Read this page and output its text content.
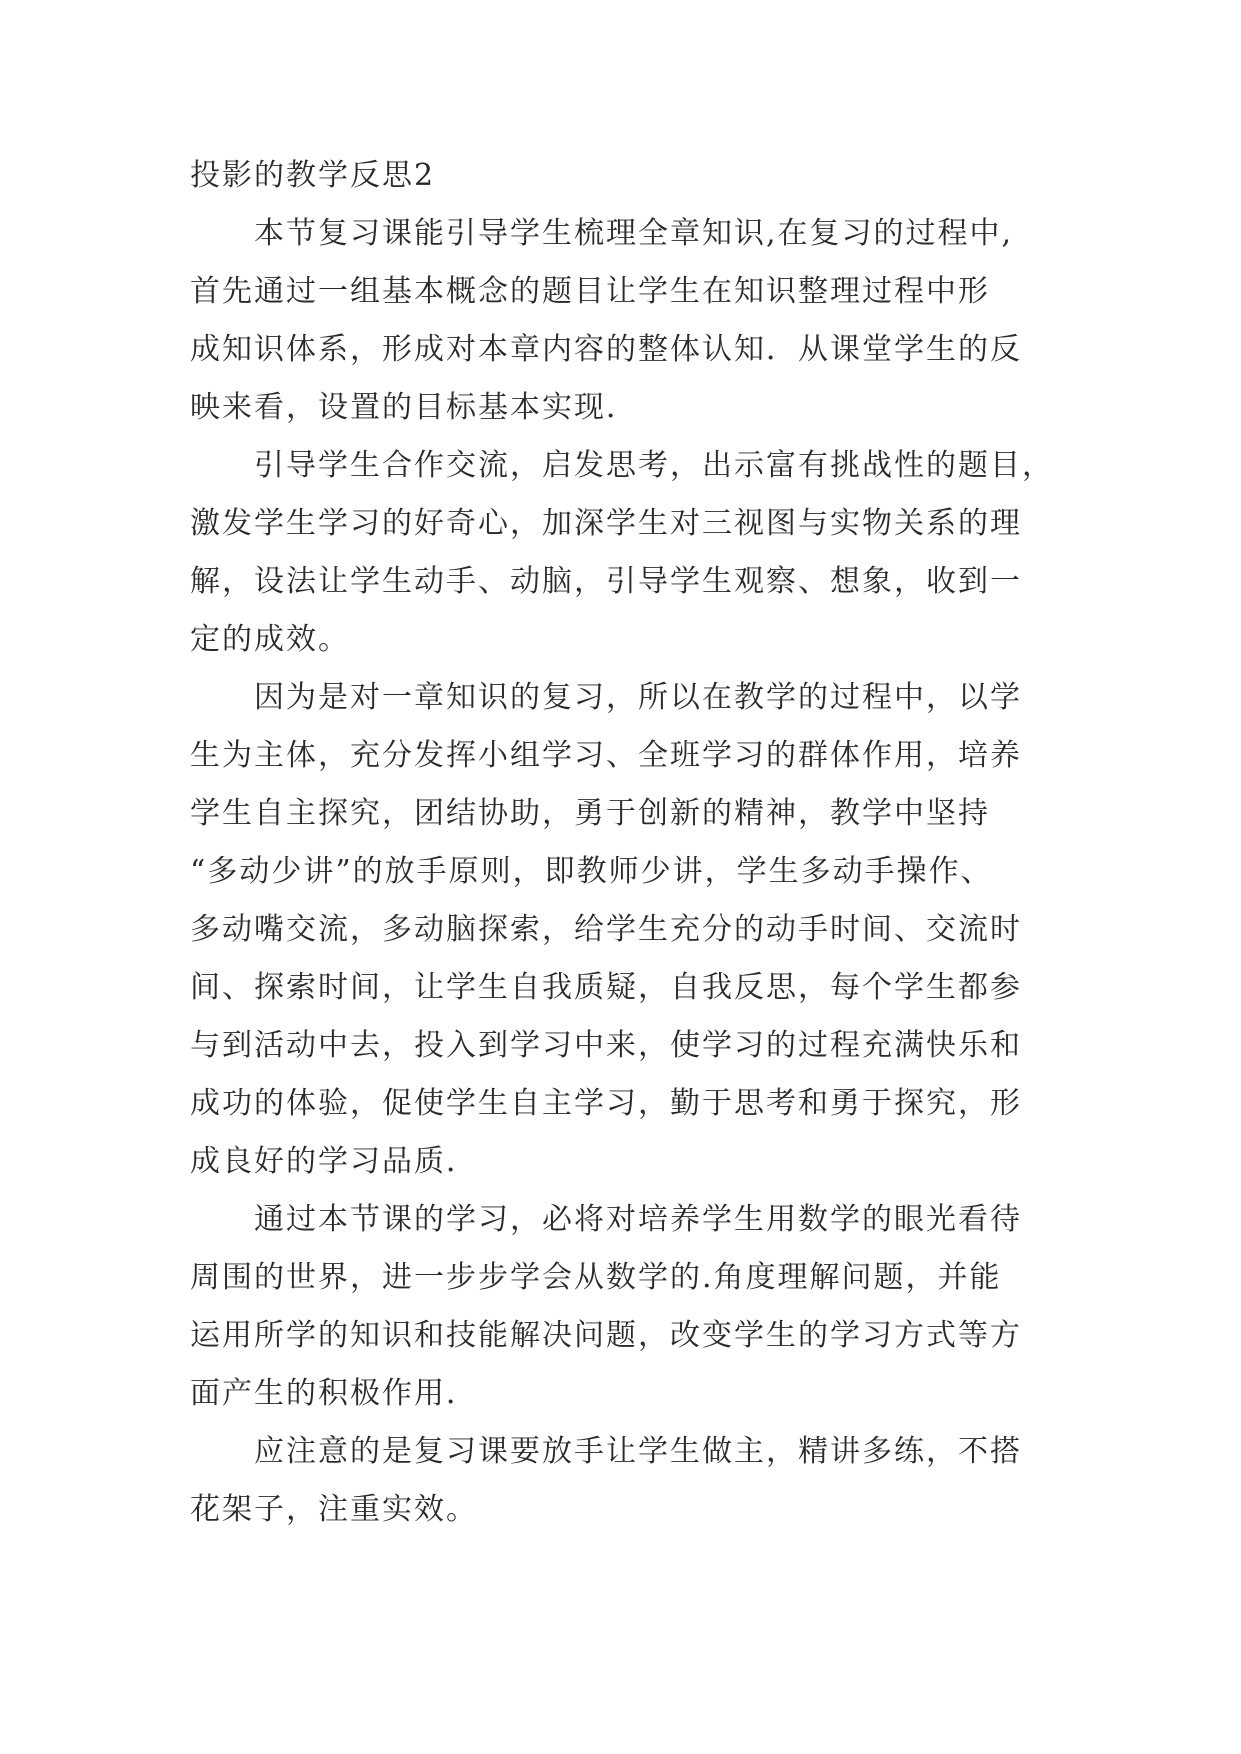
投影的教学反思2

本节复习课能引导学生梳理全章知识,在复习的过程中,

首先通过一组基本概念的题目让学生在知识整理过程中形

成知识体系，形成对本章内容的整体认知．从课堂学生的反

映来看，设置的目标基本实现．

引导学生合作交流，启发思考，出示富有挑战性的题目，

激发学生学习的好奇心，加深学生对三视图与实物关系的理

解，设法让学生动手、动脑，引导学生观察、想象，收到一

定的成效。

因为是对一章知识的复习，所以在教学的过程中，以学

生为主体，充分发挥小组学习、全班学习的群体作用，培养

学生自主探究，团结协助，勇于创新的精神，教学中坚持

“多动少讲”的放手原则，即教师少讲，学生多动手操作、

多动嘴交流，多动脑探索，给学生充分的动手时间、交流时

间、探索时间，让学生自我质疑，自我反思，每个学生都参

与到活动中去，投入到学习中来，使学习的过程充满快乐和

成功的体验，促使学生自主学习，勤于思考和勇于探究，形

成良好的学习品质．

通过本节课的学习，必将对培养学生用数学的眼光看待

周围的世界，进一步步学会从数学的.角度理解问题，并能

运用所学的知识和技能解决问题，改变学生的学习方式等方

面产生的积极作用．

应注意的是复习课要放手让学生做主，精讲多练，不搭

花架子，注重实效。
